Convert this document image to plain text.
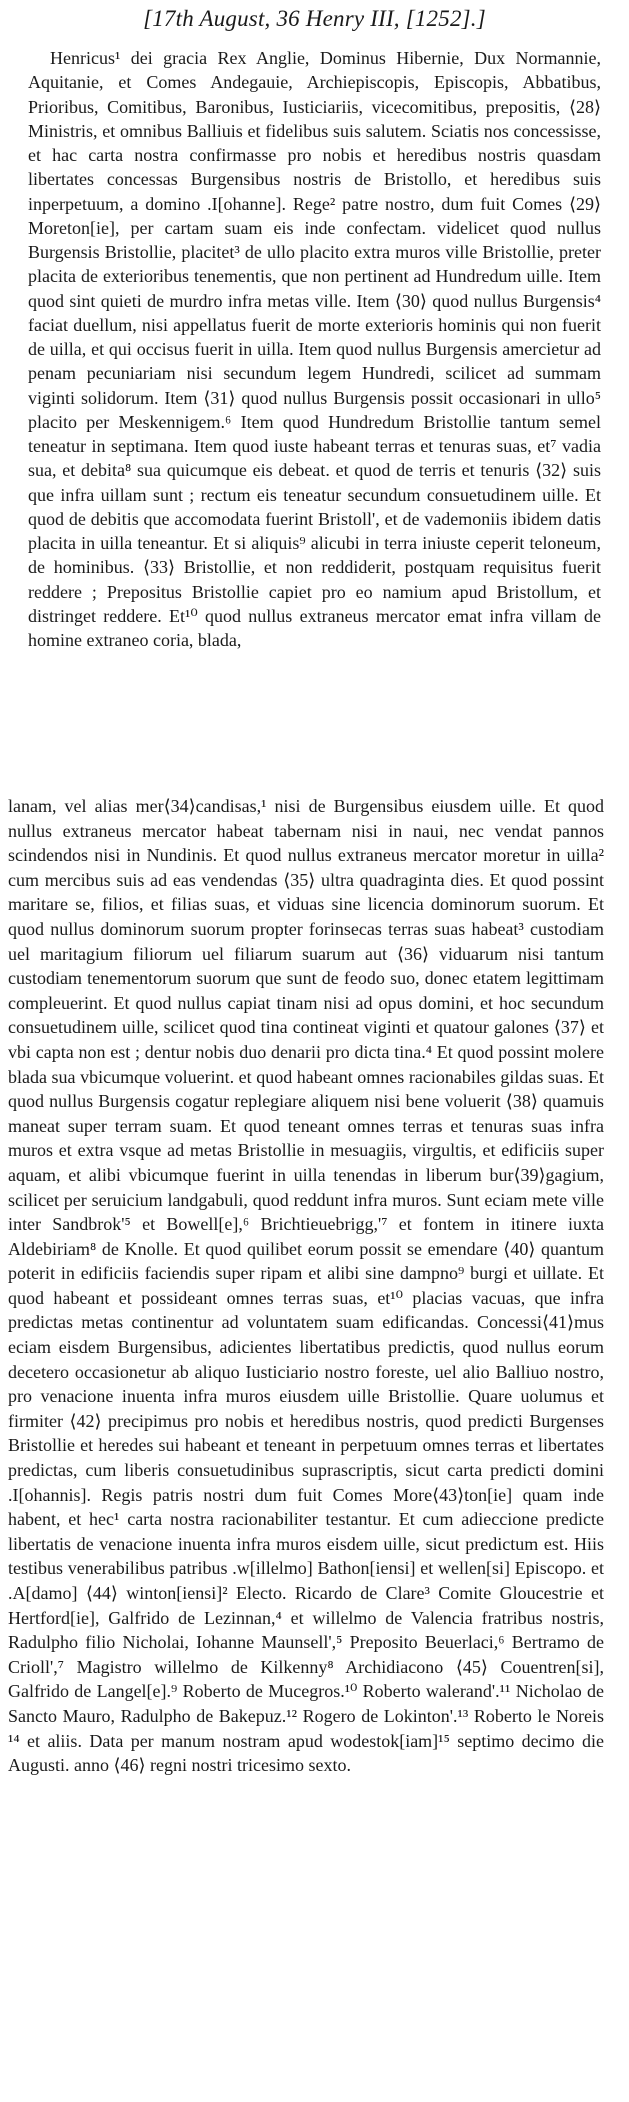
[17th August, 36 Henry III, [1252].]
Henricus¹ dei gracia Rex Anglie, Dominus Hibernie, Dux Normannie, Aquitanie, et Comes Andegauie, Archiepiscopis, Episcopis, Abbatibus, Prioribus, Comitibus, Baronibus, Iusticiariis, vicecomitibus, prepositis, ⟨28⟩ Ministris, et omnibus Balliuis et fidelibus suis salutem. Sciatis nos concessisse, et hac carta nostra confirmasse pro nobis et heredibus nostris quasdam libertates concessas Burgensibus nostris de Bristollo, et heredibus suis inperpetuum, a domino .I[ohanne]. Rege² patre nostro, dum fuit Comes ⟨29⟩ Moreton[ie], per cartam suam eis inde confectam. videlicet quod nullus Burgensis Bristollie, placitet³ de ullo placito extra muros ville Bristollie, preter placita de exterioribus tenementis, que non pertinent ad Hundredum uille. Item quod sint quieti de murdro infra metas ville. Item ⟨30⟩ quod nullus Burgensis⁴ faciat duellum, nisi appellatus fuerit de morte exterioris hominis qui non fuerit de uilla, et qui occisus fuerit in uilla. Item quod nullus Burgensis amercietur ad penam pecuniariam nisi secundum legem Hundredi, scilicet ad summam viginti solidorum. Item ⟨31⟩ quod nullus Burgensis possit occasionari in ullo⁵ placito per Meskennigem.⁶ Item quod Hundredum Bristollie tantum semel teneatur in septimana. Item quod iuste habeant terras et tenuras suas, et⁷ vadia sua, et debita⁸ sua quicumque eis debeat. et quod de terris et tenuris ⟨32⟩ suis que infra uillam sunt ; rectum eis teneatur secundum consuetudinem uille. Et quod de debitis que accomodata fuerint Bristoll', et de vademoniis ibidem datis placita in uilla teneantur. Et si aliquis⁹ alicubi in terra iniuste ceperit teloneum, de hominibus. ⟨33⟩ Bristollie, et non reddiderit, postquam requisitus fuerit reddere ; Prepositus Bristollie capiet pro eo namium apud Bristollum, et distringet reddere. Et¹⁰ quod nullus extraneus mercator emat infra villam de homine extraneo coria, blada,
lanam, vel alias mer⟨34⟩candisas,¹ nisi de Burgensibus eiusdem uille. Et quod nullus extraneus mercator habeat tabernam nisi in naui, nec vendat pannos scindendos nisi in Nundinis. Et quod nullus extraneus mercator moretur in uilla² cum mercibus suis ad eas vendendas ⟨35⟩ ultra quadraginta dies. Et quod possint maritare se, filios, et filias suas, et viduas sine licencia dominorum suorum. Et quod nullus dominorum suorum propter forinsecas terras suas habeat³ custodiam uel maritagium filiorum uel filiarum suarum aut ⟨36⟩ viduarum nisi tantum custodiam tenementorum suorum que sunt de feodo suo, donec etatem legittimam compleuerint. Et quod nullus capiat tinam nisi ad opus domini, et hoc secundum consuetudinem uille, scilicet quod tina contineat viginti et quatour galones ⟨37⟩ et vbi capta non est ; dentur nobis duo denarii pro dicta tina.⁴ Et quod possint molere blada sua vbicumque voluerint. et quod habeant omnes racionabiles gildas suas. Et quod nullus Burgensis cogatur replegiare aliquem nisi bene voluerit ⟨38⟩ quamuis maneat super terram suam. Et quod teneant omnes terras et tenuras suas infra muros et extra vsque ad metas Bristollie in mesuagiis, virgultis, et edificiis super aquam, et alibi vbicumque fuerint in uilla tenendas in liberum bur⟨39⟩gagium, scilicet per seruicium landgabuli, quod reddunt infra muros. Sunt eciam mete ville inter Sandbrok'⁵ et Bowell[e],⁶ Brichtieuebrigg,'⁷ et fontem in itinere iuxta Aldebiriam⁸ de Knolle. Et quod quilibet eorum possit se emendare ⟨40⟩ quantum poterit in edificiis faciendis super ripam et alibi sine dampno⁹ burgi et uillate. Et quod habeant et possideant omnes terras suas, et¹⁰ placias vacuas, que infra predictas metas continentur ad voluntatem suam edificandas. Concessi⟨41⟩mus eciam eisdem Burgensibus, adicientes libertatibus predictis, quod nullus eorum decetero occasionetur ab aliquo Iusticiario nostro foreste, uel alio Balliuo nostro, pro venacione inuenta infra muros eiusdem uille Bristollie. Quare uolumus et firmiter ⟨42⟩ precipimus pro nobis et heredibus nostris, quod predicti Burgenses Bristollie et heredes sui habeant et teneant in perpetuum omnes terras et libertates predictas, cum liberis consuetudinibus suprascriptis, sicut carta predicti domini .I[ohannis]. Regis patris nostri dum fuit Comes More⟨43⟩ton[ie] quam inde habent, et hec¹ carta nostra racionabiliter testantur. Et cum adieccione predicte libertatis de venacione inuenta infra muros eisdem uille, sicut predictum est. Hiis testibus venerabilibus patribus .w[illelmo] Bathon[iensi] et wellen[si] Episcopo. et .A[damo] ⟨44⟩ winton[iensi]² Electo. Ricardo de Clare³ Comite Gloucestrie et Hertford[ie], Galfrido de Lezinnan,⁴ et willelmo de Valencia fratribus nostris, Radulpho filio Nicholai, Iohanne Maunsell',⁵ Preposito Beuerlaci,⁶ Bertramo de Crioll',⁷ Magistro willelmo de Kilkenny⁸ Archidiacono ⟨45⟩ Couentren[si], Galfrido de Langel[e].⁹ Roberto de Mucegros.¹⁰ Roberto walerand'.¹¹ Nicholao de Sancto Mauro, Radulpho de Bakepuz.¹² Rogero de Lokinton'.¹³ Roberto le Noreis ¹⁴ et aliis. Data per manum nostram apud wodestok[iam]¹⁵ septimo decimo die Augusti. anno ⟨46⟩ regni nostri tricesimo sexto.
